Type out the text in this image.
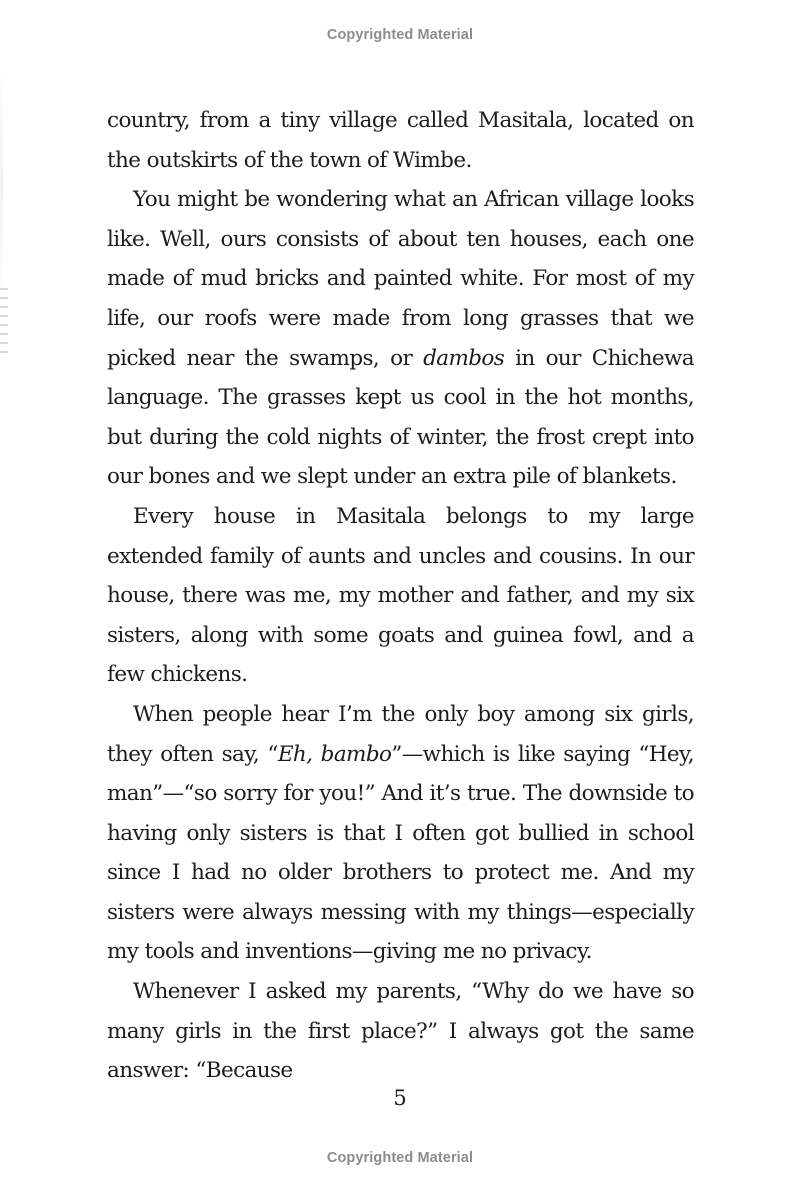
Copyrighted Material

country, from a tiny village called Masitala, located on the outskirts of the town of Wimbe.

You might be wondering what an African village looks like. Well, ours consists of about ten houses, each one made of mud bricks and painted white. For most of my life, our roofs were made from long grasses that we picked near the swamps, or dambos in our Chichewa language. The grasses kept us cool in the hot months, but during the cold nights of winter, the frost crept into our bones and we slept under an extra pile of blankets.

Every house in Masitala belongs to my large extended family of aunts and uncles and cousins. In our house, there was me, my mother and father, and my six sisters, along with some goats and guinea fowl, and a few chickens.

When people hear I’m the only boy among six girls, they often say, “Eh, bambo”—which is like saying “Hey, man”—“so sorry for you!” And it’s true. The downside to having only sisters is that I often got bullied in school since I had no older brothers to protect me. And my sisters were always messing with my things—especially my tools and inventions—giving me no privacy.

Whenever I asked my parents, “Why do we have so many girls in the first place?” I always got the same answer: “Because

5
Copyrighted Material
